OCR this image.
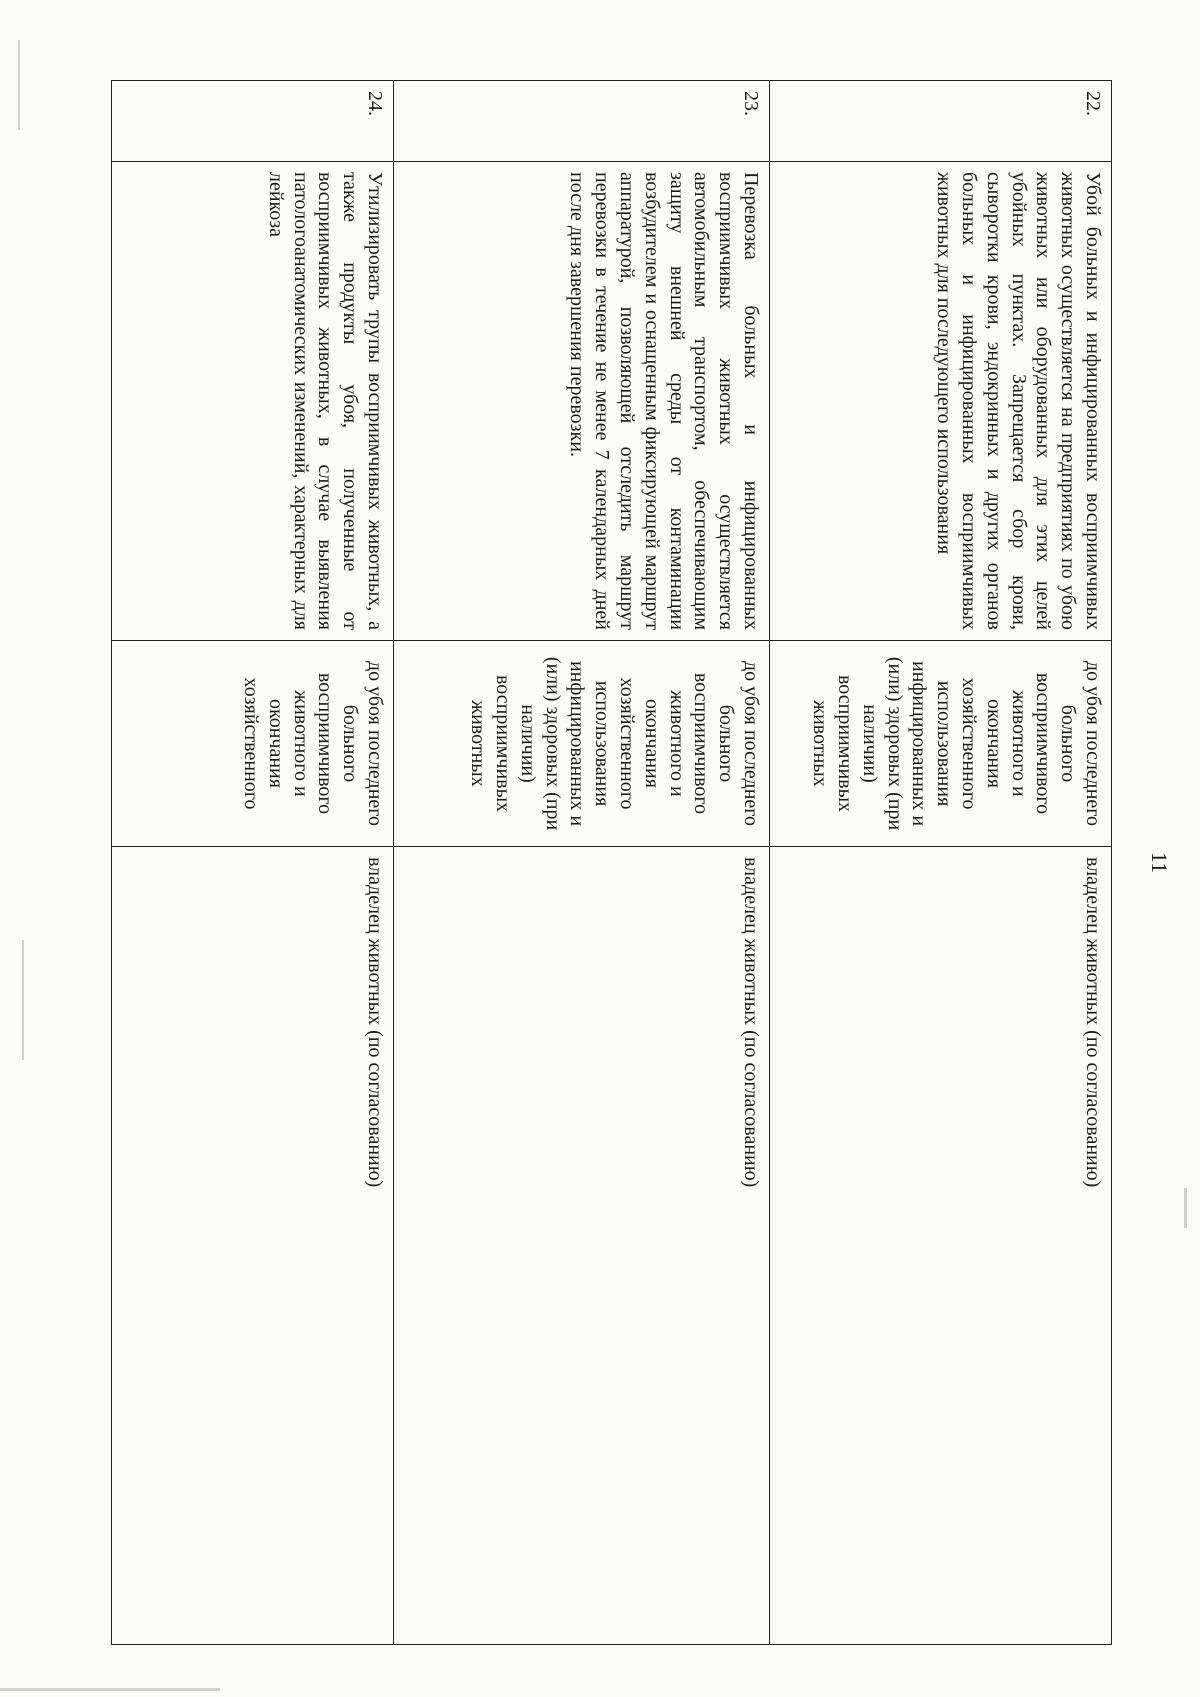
11
22.	Убой больных и инфицированных восприимчивых животных осуществляется на предприятиях по убою животных или оборудованных для этих целей убойных пунктах. Запрещается сбор крови, сыворотки крови, эндокринных и других органов больных и инфицированных восприимчивых животных для последующего использования	до убоя последнего больного восприимчивого животного и окончания хозяйственного использования инфицированных и (или) здоровых (при наличии) восприимчивых животных	владелец животных (по согласованию)
23.	Перевозка больных и инфицированных восприимчивых животных осуществляется автомобильным транспортом, обеспечивающим защиту внешней среды от контаминации возбудителем и оснащенным фиксирующей маршрут аппаратурой, позволяющей отследить маршрут перевозки в течение не менее 7 календарных дней после дня завершения перевозки.	до убоя последнего больного восприимчивого животного и окончания хозяйственного использования инфицированных и (или) здоровых (при наличии) восприимчивых животных	владелец животных (по согласованию)
24.	Утилизировать трупы восприимчивых животных, а также продукты убоя, полученные от восприимчивых животных, в случае выявления патологоанатомических изменений, характерных для лейкоза	до убоя последнего больного восприимчивого животного и окончания хозяйственного	владелец животных (по согласованию)
